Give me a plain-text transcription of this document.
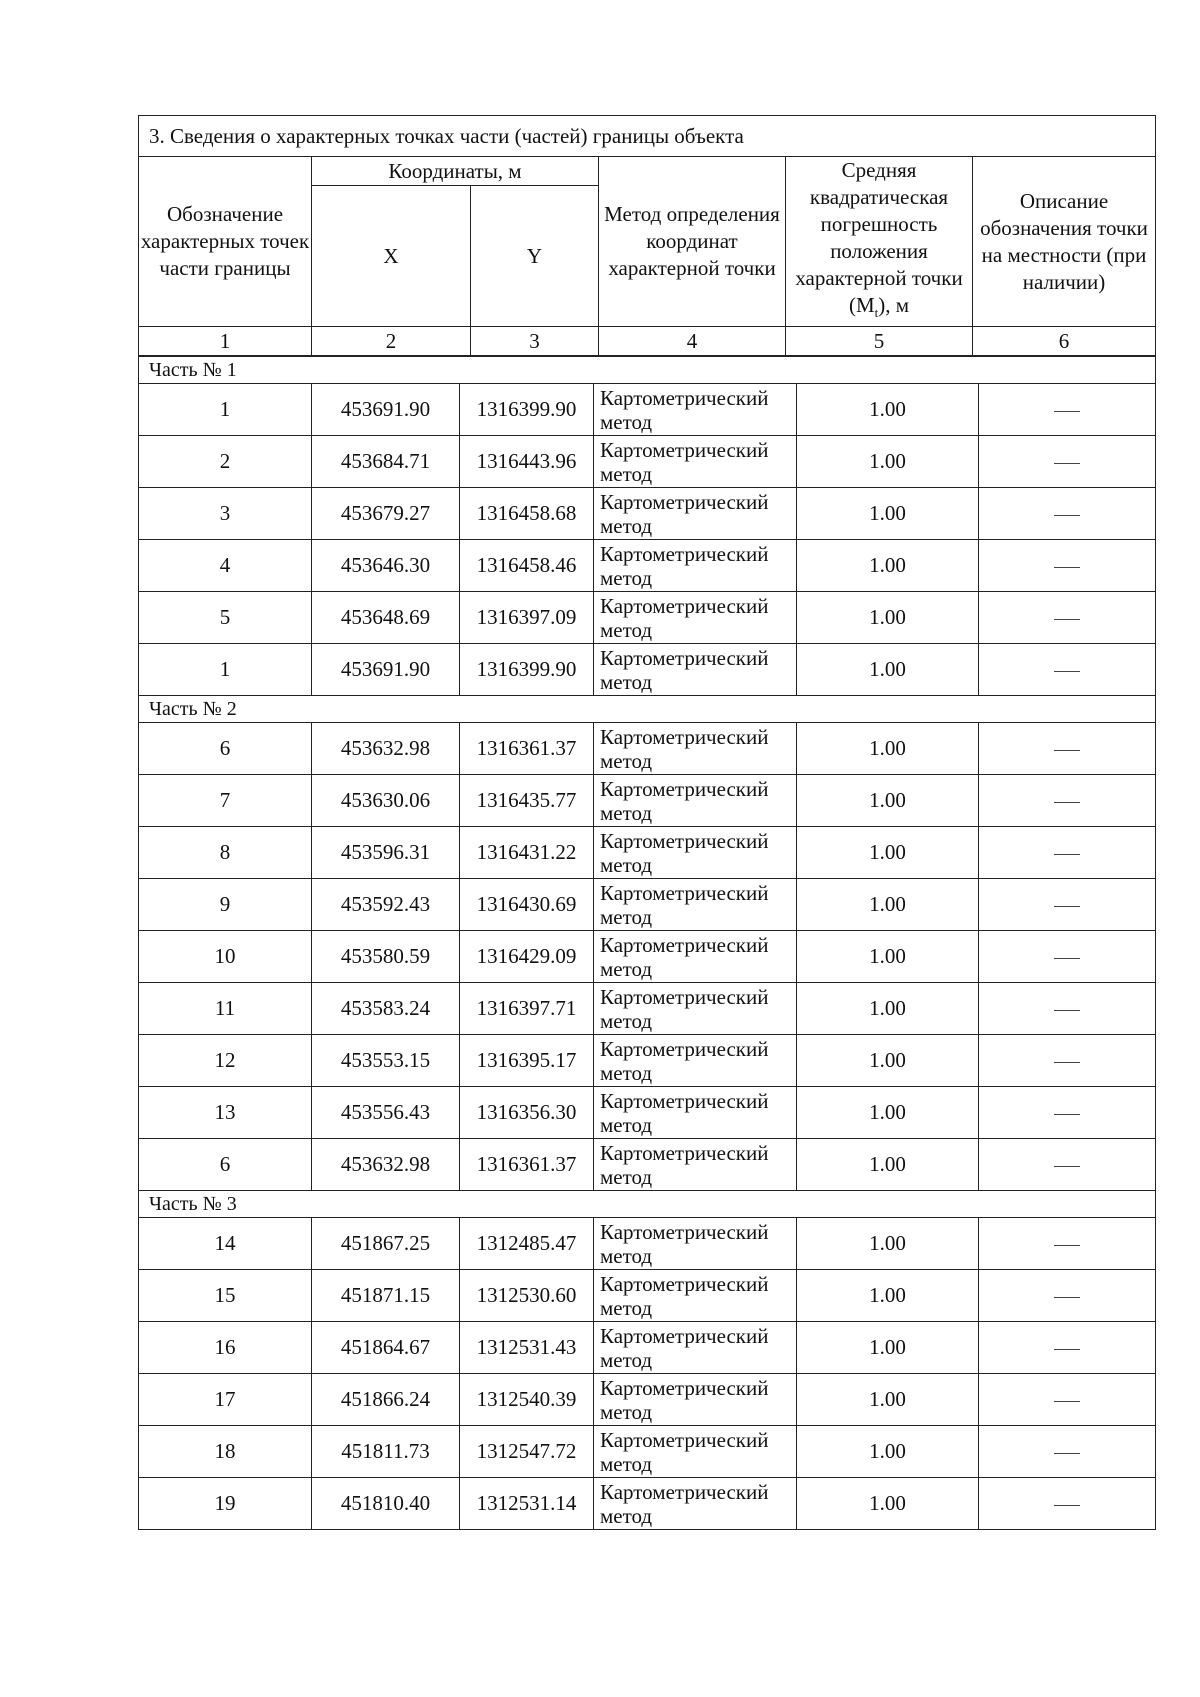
3. Сведения о характерных точках части (частей) границы объекта					
Обозначение характерных точек части границы	Координаты, м		Метод определения координат характерной точки	Средняя квадратическая погрешность положения характерной точки $(M_t)$, м	Описание обозначения точки на местности (при наличии)
	X	Y			
1	2	3	4	5	6
Часть № 1					
1	453691.90	1316399.90	Картометрический метод	1.00	
2	453684.71	1316443.96	Картометрический метод	1.00	
3	453679.27	1316458.68	Картометрический метод	1.00	
4	453646.30	1316458.46	Картометрический метод	1.00	
5	453648.69	1316397.09	Картометрический метод	1.00	
1	453691.90	1316399.90	Картометрический метод	1.00	
Часть № 2					
6	453632.98	1316361.37	Картометрический метод	1.00	
7	453630.06	1316435.77	Картометрический метод	1.00	
8	453596.31	1316431.22	Картометрический метод	1.00	
9	453592.43	1316430.69	Картометрический метод	1.00	
10	453580.59	1316429.09	Картометрический метод	1.00	
11	453583.24	1316397.71	Картометрический метод	1.00	
12	453553.15	1316395.17	Картометрический метод	1.00	
13	453556.43	1316356.30	Картометрический метод	1.00	
6	453632.98	1316361.37	Картометрический метод	1.00	
Часть № 3					
14	451867.25	1312485.47	Картометрический метод	1.00	
15	451871.15	1312530.60	Картометрический метод	1.00	
16	451864.67	1312531.43	Картометрический метод	1.00	
17	451866.24	1312540.39	Картометрический метод	1.00	
18	451811.73	1312547.72	Картометрический метод	1.00	
19	451810.40	1312531.14	Картометрический метод	1.00	
